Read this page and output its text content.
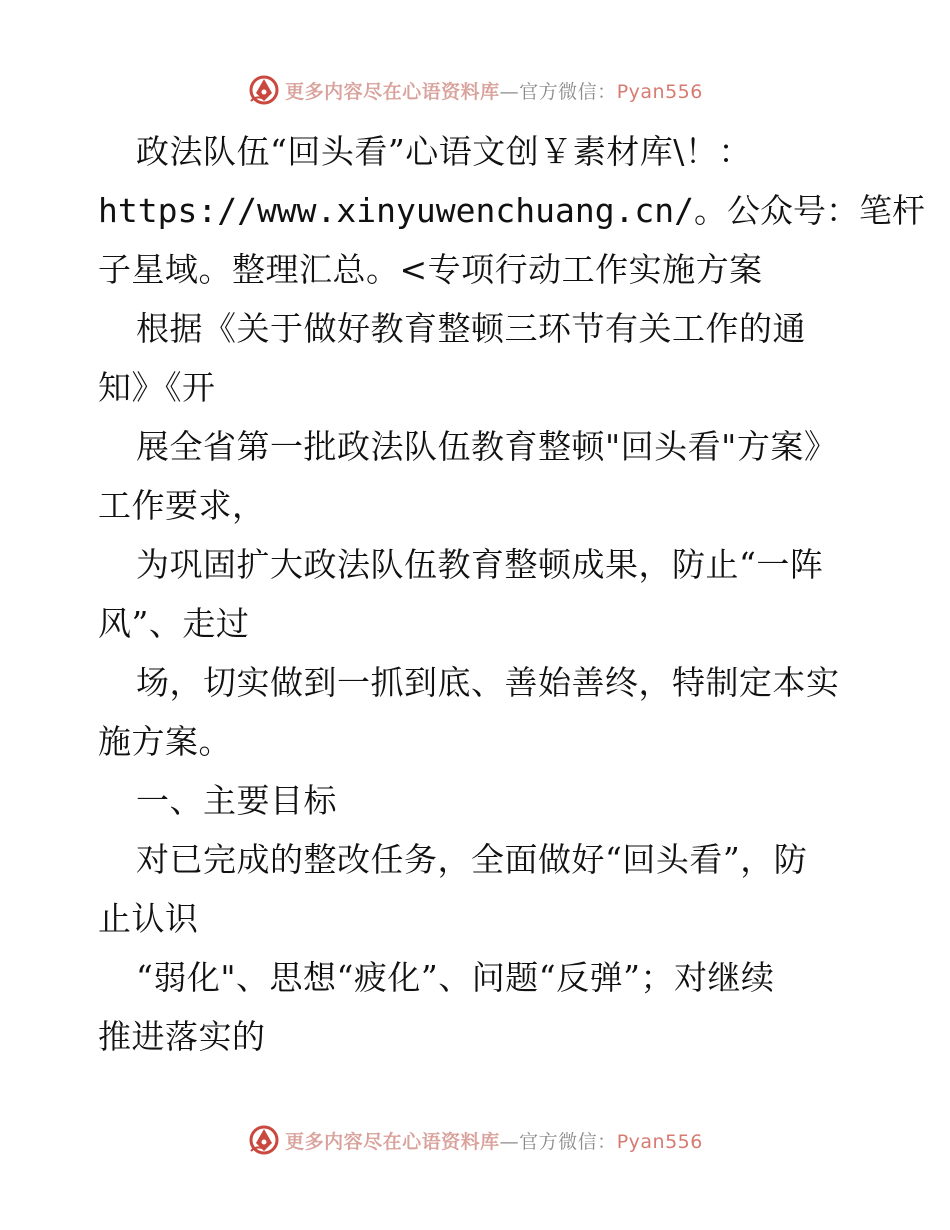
更多内容尽在心语资料库—官方微信：Pyan556
政法队伍“回头看”心语文创￥素材库\！：
https://www.xinyuwenchuang.cn/。公众号：笔杆
子星域。整理汇总。<专项行动工作实施方案
根据《关于做好教育整顿三环节有关工作的通
知》《开
展全省第一批政法队伍教育整顿"回头看"方案》
工作要求，
为巩固扩大政法队伍教育整顿成果，防止“一阵
风”、走过
场，切实做到一抓到底、善始善终，特制定本实
施方案。
一、主要目标
对已完成的整改任务，全面做好“回头看”，防
止认识
“弱化"、思想“疲化”、问题“反弹”；对继续
推进落实的
更多内容尽在心语资料库—官方微信：Pyan556
